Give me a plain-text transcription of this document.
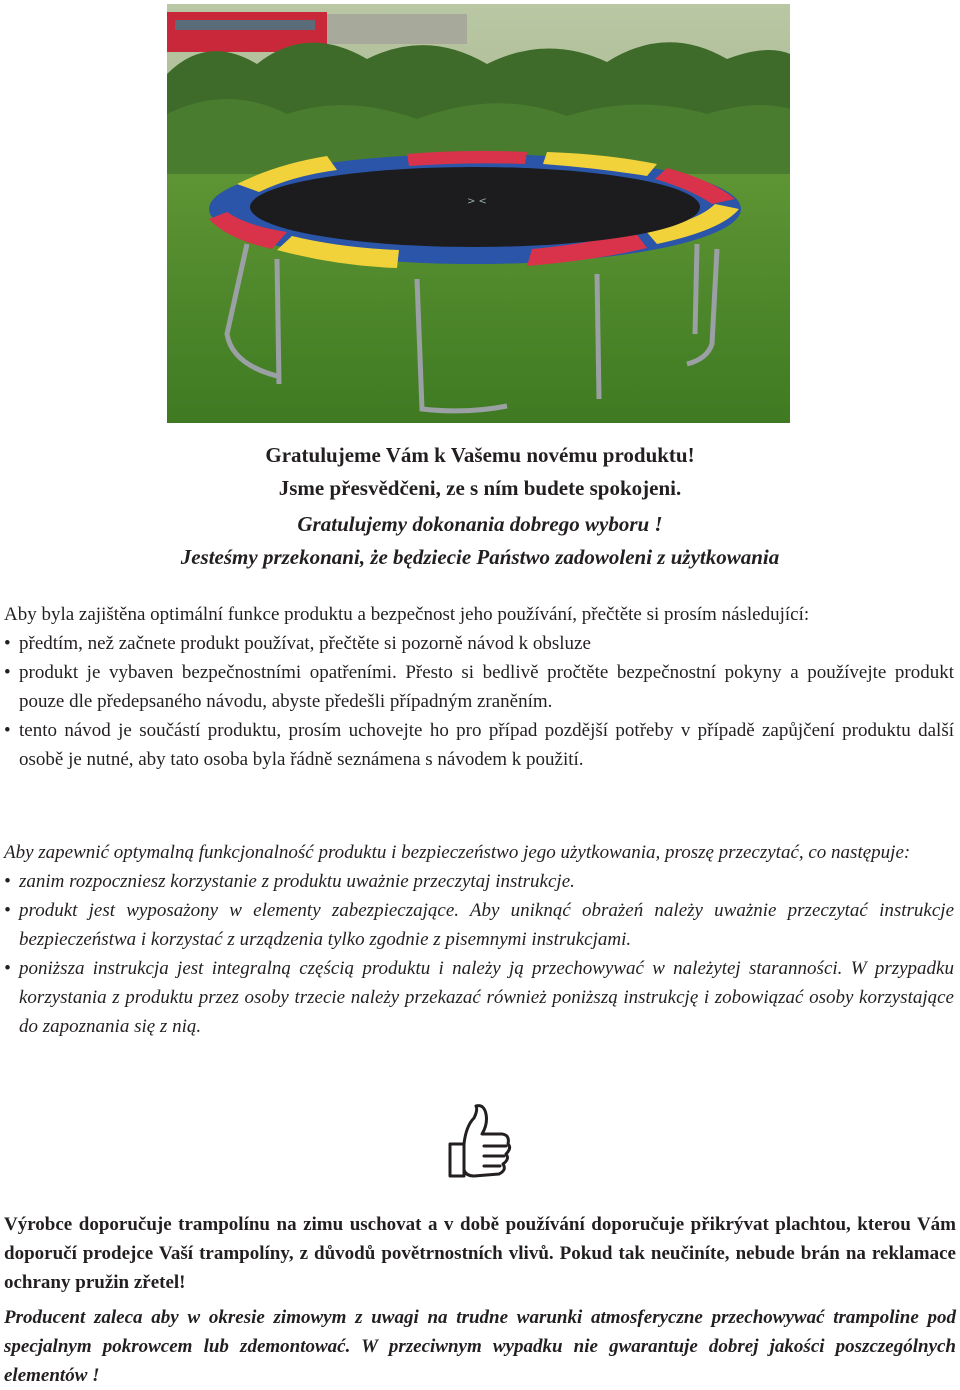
> <
Gratulujeme Vám k Vašemu novému produktu!
Jsme přesvědčeni, ze s ním budete spokojeni.
Gratulujemy dokonania dobrego wyboru !
Jesteśmy przekonani, że będziecie Państwo zadowoleni z użytkowania

Aby byla zajištěna optimální funkce produktu a bezpečnost jeho používání, přečtěte si prosím následující:

• předtím, než začnete produkt používat, přečtěte si pozorně návod k obsluze
• produkt je vybaven bezpečnostními opatřeními. Přesto si bedlivě pročtěte bezpečnostní pokyny a používejte produkt pouze dle předepsaného návodu, abyste předešli případným zraněním.
• tento návod je součástí produktu, prosím uchovejte ho pro případ pozdější potřeby v případě zapůjčení produktu další osobě je nutné, aby tato osoba byla řádně seznámena s návodem k použití.

Aby zapewnić optymalną funkcjonalność produktu i bezpieczeństwo jego użytkowania, proszę przeczytać, co następuje:

• zanim rozpoczniesz korzystanie z produktu uważnie przeczytaj instrukcje.
• produkt jest wyposażony w elementy zabezpieczające. Aby uniknąć obrażeń należy uważnie przeczytać instrukcje bezpieczeństwa i korzystać z urządzenia tylko zgodnie z pisemnymi instrukcjami.
• poniższa instrukcja jest integralną częścią produktu i należy ją przechowywać w należytej staranności. W przypadku korzystania z produktu przez osoby trzecie należy przekazać również poniższą instrukcję i zobowiązać osoby korzystające do zapoznania się z nią.
Výrobce doporučuje trampolínu na zimu uschovat a v době používání doporučuje přikrývat plachtou, kterou Vám doporučí prodejce Vaší trampolíny, z důvodů povětrnostních vlivů. Pokud tak neučiníte, nebude brán na reklamace ochrany pružin zřetel!
Producent zaleca aby w okresie zimowym z uwagi na trudne warunki atmosferyczne przechowywać trampoline pod specjalnym pokrowcem lub zdemontować. W przeciwnym wypadku nie gwarantuje dobrej jakości poszczególnych elementów !
